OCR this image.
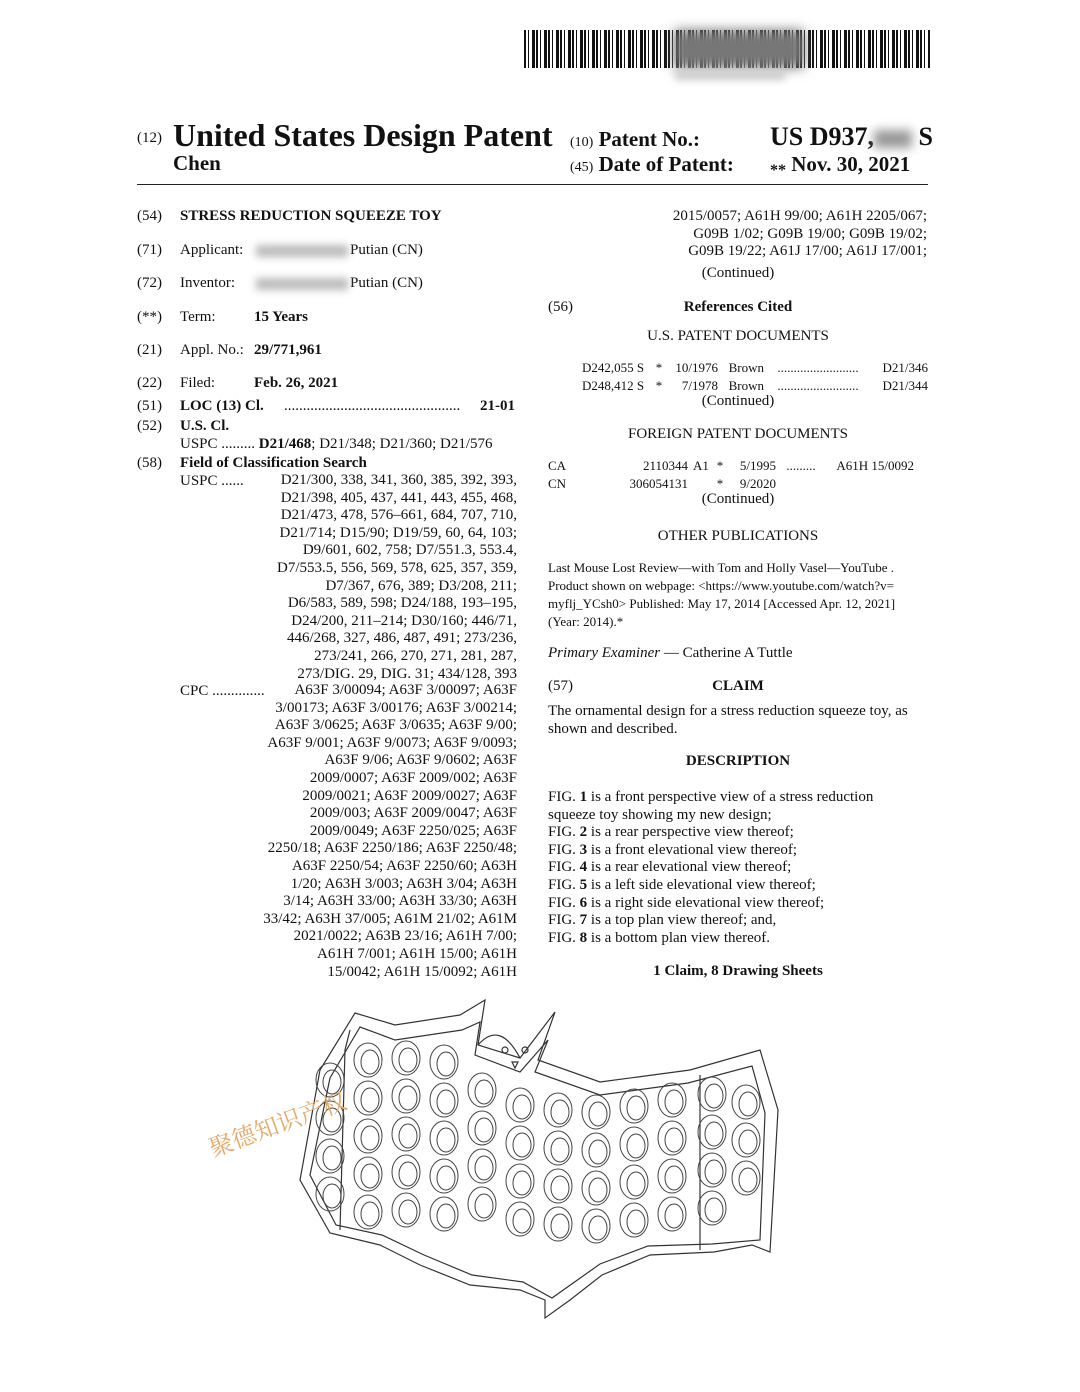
(12) United States Design Patent
Chen
(10) Patent No.:
(45) Date of Patent:
US D937, S
** Nov. 30, 2021
(54) STRESS REDUCTION SQUEEZE TOY
(71) Applicant:	Putian (CN)
(72) Inventor:	Putian (CN)
(**) Term:	15 Years
(21) Appl. No.: 29/771,961
(22) Filed:	Feb. 26, 2021
(51) LOC (13) Cl. ...............................................	21-01
(52) U.S. Cl.
USPC ......... D21/468; D21/348; D21/360; D21/576
(58) Field of Classification Search
USPC ......	D21/300, 338, 341, 360, 385, 392, 393,
D21/398, 405, 437, 441, 443, 455, 468,
D21/473, 478, 576–661, 684, 707, 710,
D21/714; D15/90; D19/59, 60, 64, 103;
D9/601, 602, 758; D7/551.3, 553.4,
D7/553.5, 556, 569, 578, 625, 357, 359,
D7/367, 676, 389; D3/208, 211;
D6/583, 589, 598; D24/188, 193–195,
D24/200, 211–214; D30/160; 446/71,
446/268, 327, 486, 487, 491; 273/236,
273/241, 266, 270, 271, 281, 287,
273/DIG. 29, DIG. 31; 434/128, 393
CPC ..............	A63F 3/00094; A63F 3/00097; A63F
3/00173; A63F 3/00176; A63F 3/00214;
A63F 3/0625; A63F 3/0635; A63F 9/00;
A63F 9/001; A63F 9/0073; A63F 9/0093;
A63F 9/06; A63F 9/0602; A63F
2009/0007; A63F 2009/002; A63F
2009/0021; A63F 2009/0027; A63F
2009/003; A63F 2009/0047; A63F
2009/0049; A63F 2250/025; A63F
2250/18; A63F 2250/186; A63F 2250/48;
A63F 2250/54; A63F 2250/60; A63H
1/20; A63H 3/003; A63H 3/04; A63H
3/14; A63H 33/00; A63H 33/30; A63H
33/42; A63H 37/005; A61M 21/02; A61M
2021/0022; A63B 23/16; A61H 7/00;
A61H 7/001; A61H 15/00; A61H
15/0042; A61H 15/0092; A61H
2015/0057; A61H 99/00; A61H 2205/067;
G09B 1/02; G09B 19/00; G09B 19/02;
G09B 19/22; A61J 17/00; A61J 17/001;
(Continued)
(56)	References Cited
U.S. PATENT DOCUMENTS
D242,055 S * 10/1976 Brown ......................... D21/346
D248,412 S * 7/1978 Brown ......................... D21/344
(Continued)
FOREIGN PATENT DOCUMENTS
CA	2110344 A1 * 5/1995 ......... A61H 15/0092
CN	306054131 * 9/2020
(Continued)
OTHER PUBLICATIONS
Last Mouse Lost Review—with Tom and Holly Vasel—YouTube .
Product shown on webpage: <https://www.youtube.com/watch?v=
myflj_YCsh0> Published: May 17, 2014 [Accessed Apr. 12, 2021]
(Year: 2014).*
Primary Examiner — Catherine A Tuttle
(57)	CLAIM
The ornamental design for a stress reduction squeeze toy, as
shown and described.
DESCRIPTION
FIG. 1 is a front perspective view of a stress reduction
squeeze toy showing my new design;
FIG. 2 is a rear perspective view thereof;
FIG. 3 is a front elevational view thereof;
FIG. 4 is a rear elevational view thereof;
FIG. 5 is a left side elevational view thereof;
FIG. 6 is a right side elevational view thereof;
FIG. 7 is a top plan view thereof; and,
FIG. 8 is a bottom plan view thereof.
1 Claim, 8 Drawing Sheets
聚德知识产权
